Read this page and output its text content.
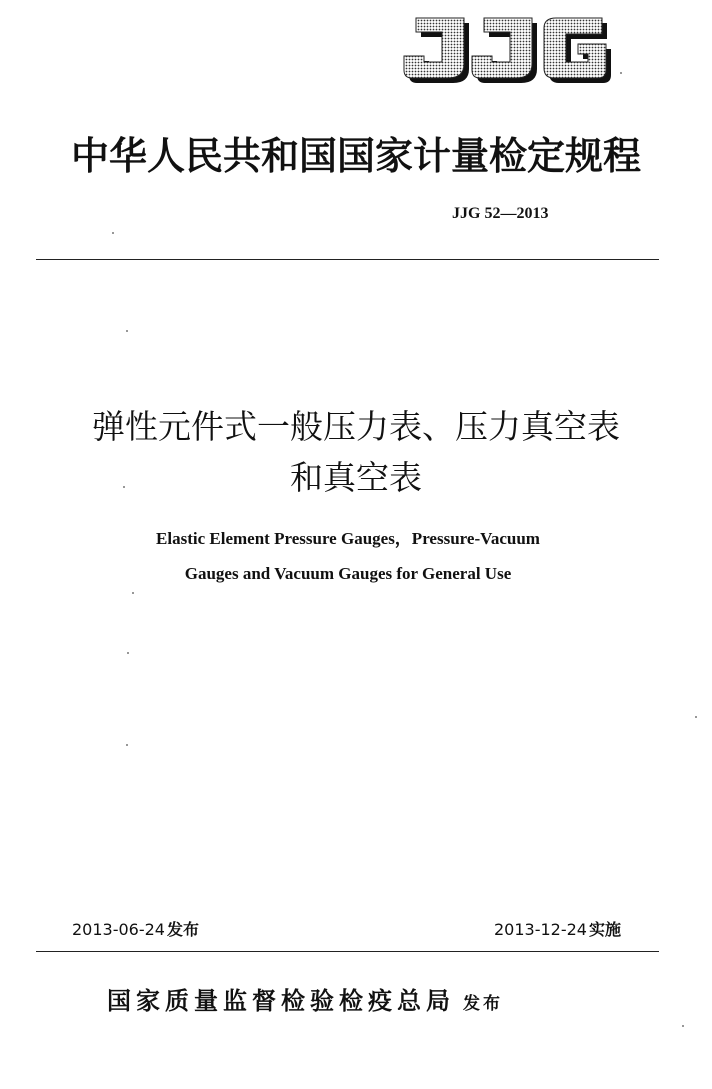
中华人民共和国国家计量检定规程
JJG 52—2013
弹性元件式一般压力表、压力真空表
和真空表
Elastic Element Pressure Gauges，Pressure-Vacuum
Gauges and Vacuum Gauges for General Use
2013-06-24 发布	2013-12-24 实施
国家质量监督检验检疫总局 发布
